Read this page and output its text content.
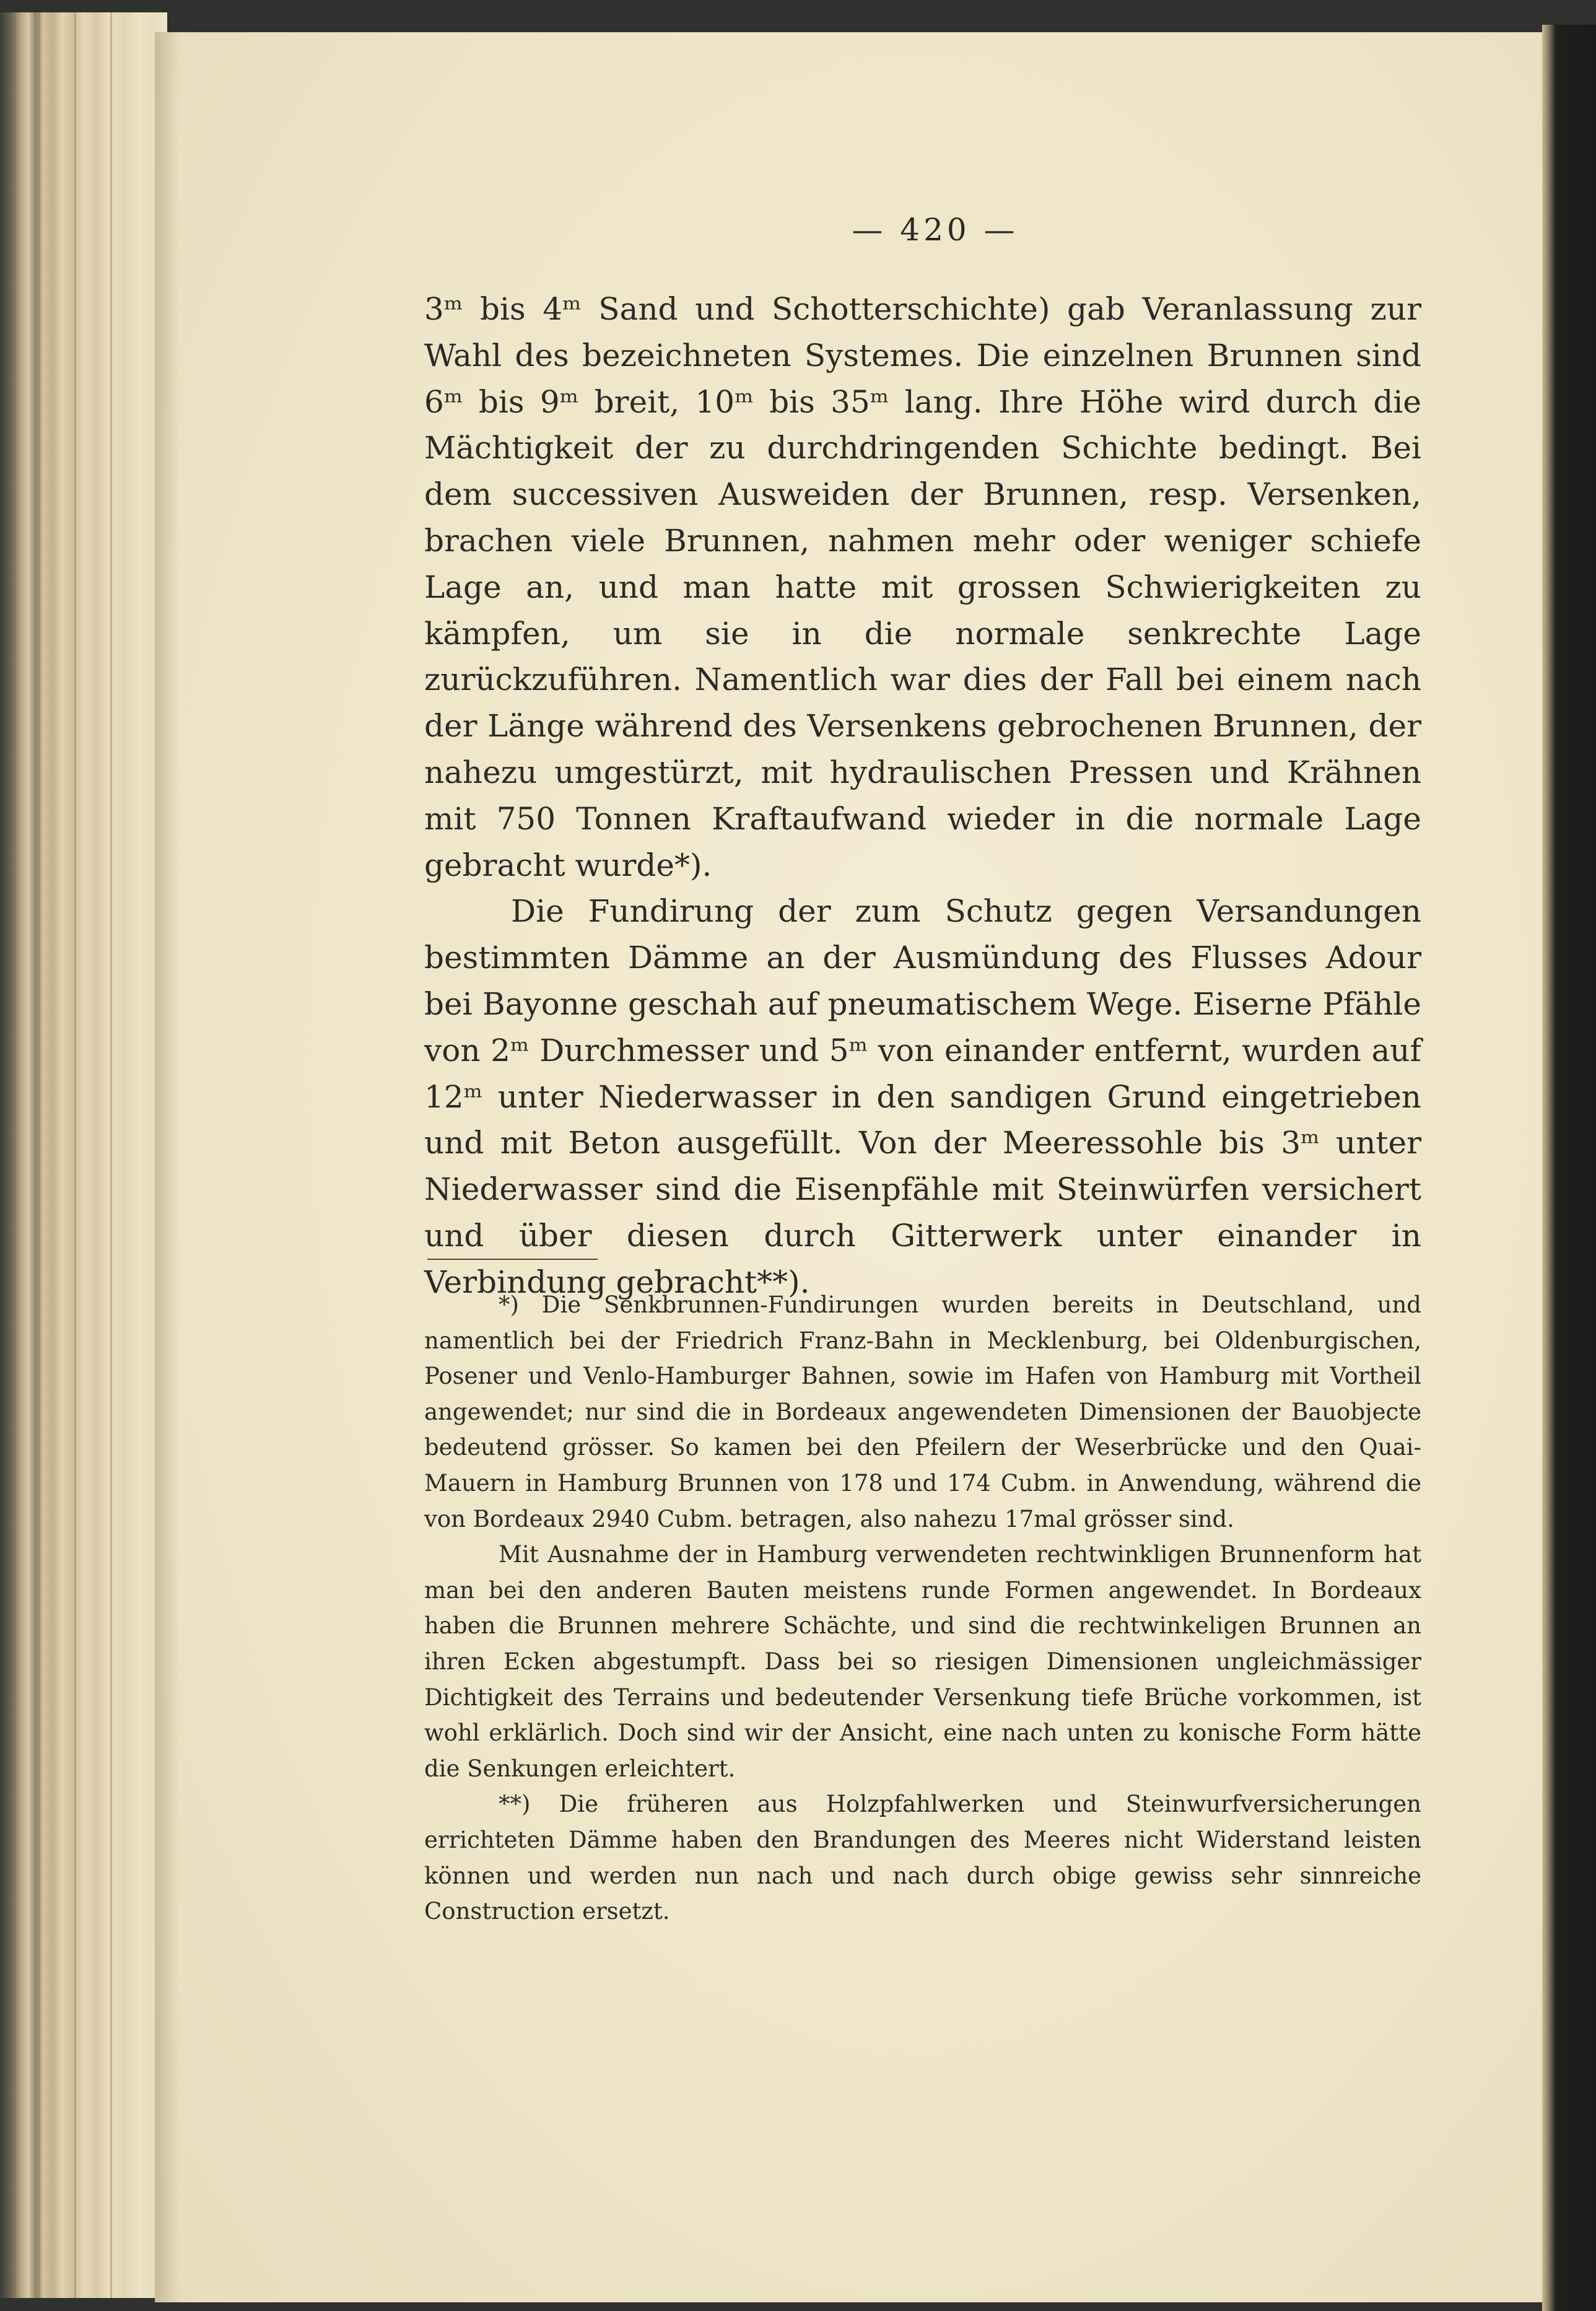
— 420 —

3ᵐ bis 4ᵐ Sand und Schotterschichte) gab Veranlassung zur Wahl des bezeichneten Systemes. Die einzelnen Brunnen sind 6ᵐ bis 9ᵐ breit, 10ᵐ bis 35ᵐ lang. Ihre Höhe wird durch die Mächtigkeit der zu durchdringenden Schichte bedingt. Bei dem successiven Ausweiden der Brunnen, resp. Versenken, brachen viele Brunnen, nahmen mehr oder weniger schiefe Lage an, und man hatte mit grossen Schwierigkeiten zu kämpfen, um sie in die normale senkrechte Lage zurückzuführen. Namentlich war dies der Fall bei einem nach der Länge während des Versenkens gebrochenen Brunnen, der nahezu umgestürzt, mit hydraulischen Pressen und Krähnen mit 750 Tonnen Kraftaufwand wieder in die normale Lage gebracht wurde*).

Die Fundirung der zum Schutz gegen Versandungen bestimmten Dämme an der Ausmündung des Flusses Adour bei Bayonne geschah auf pneumatischem Wege. Eiserne Pfähle von 2ᵐ Durchmesser und 5ᵐ von einander entfernt, wurden auf 12ᵐ unter Niederwasser in den sandigen Grund eingetrieben und mit Beton ausgefüllt. Von der Meeressohle bis 3ᵐ unter Niederwasser sind die Eisenpfähle mit Steinwürfen versichert und über diesen durch Gitterwerk unter einander in Verbindung gebracht**).

*) Die Senkbrunnen-Fundirungen wurden bereits in Deutschland, und namentlich bei der Friedrich Franz-Bahn in Mecklenburg, bei Oldenburgischen, Posener und Venlo-Hamburger Bahnen, sowie im Hafen von Hamburg mit Vortheil angewendet; nur sind die in Bordeaux angewendeten Dimensionen der Bauobjecte bedeutend grösser. So kamen bei den Pfeilern der Weserbrücke und den Quai-Mauern in Hamburg Brunnen von 178 und 174 Cubm. in Anwendung, während die von Bordeaux 2940 Cubm. betragen, also nahezu 17mal grösser sind.

Mit Ausnahme der in Hamburg verwendeten rechtwinkligen Brunnenform hat man bei den anderen Bauten meistens runde Formen angewendet. In Bordeaux haben die Brunnen mehrere Schächte, und sind die rechtwinkeligen Brunnen an ihren Ecken abgestumpft. Dass bei so riesigen Dimensionen ungleichmässiger Dichtigkeit des Terrains und bedeutender Versenkung tiefe Brüche vorkommen, ist wohl erklärlich. Doch sind wir der Ansicht, eine nach unten zu konische Form hätte die Senkungen erleichtert.

**) Die früheren aus Holzpfahlwerken und Steinwurfversicherungen errichteten Dämme haben den Brandungen des Meeres nicht Widerstand leisten können und werden nun nach und nach durch obige gewiss sehr sinnreiche Construction ersetzt.
